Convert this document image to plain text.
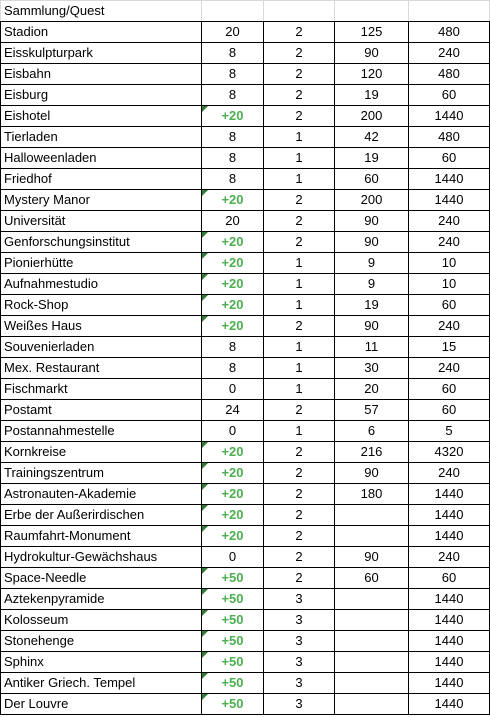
Sammlung/Quest				
Stadion	20	2	125	480
Eisskulpturpark	8	2	90	240
Eisbahn	8	2	120	480
Eisburg	8	2	19	60
Eishotel	+20	2	200	1440
Tierladen	8	1	42	480
Halloweenladen	8	1	19	60
Friedhof	8	1	60	1440
Mystery Manor	+20	2	200	1440
Universität	20	2	90	240
Genforschungsinstitut	+20	2	90	240
Pionierhütte	+20	1	9	10
Aufnahmestudio	+20	1	9	10
Rock-Shop	+20	1	19	60
Weißes Haus	+20	2	90	240
Souvenierladen	8	1	11	15
Mex. Restaurant	8	1	30	240
Fischmarkt	0	1	20	60
Postamt	24	2	57	60
Postannahmestelle	0	1	6	5
Kornkreise	+20	2	216	4320
Trainingszentrum	+20	2	90	240
Astronauten-Akademie	+20	2	180	1440
Erbe der Außerirdischen	+20	2		1440
Raumfahrt-Monument	+20	2		1440
Hydrokultur-Gewächshaus	0	2	90	240
Space-Needle	+50	2	60	60
Aztekenpyramide	+50	3		1440
Kolosseum	+50	3		1440
Stonehenge	+50	3		1440
Sphinx	+50	3		1440
Antiker Griech. Tempel	+50	3		1440
Der Louvre	+50	3		1440
